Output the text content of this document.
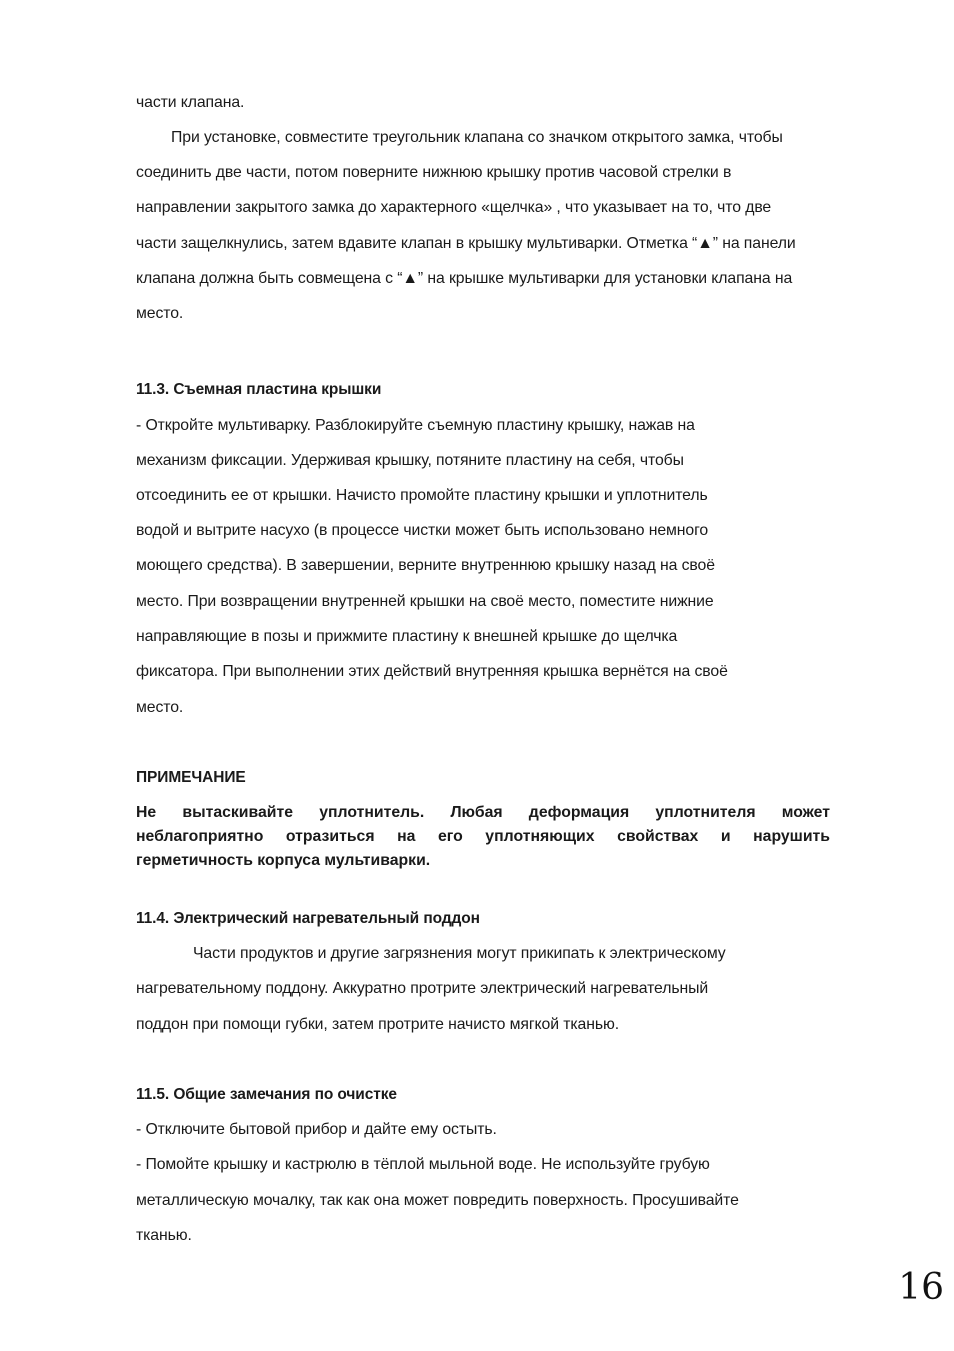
части клапана.
При установке, совместите треугольник клапана со значком открытого замка, чтобы
соединить две части, потом поверните нижнюю крышку против часовой стрелки в
направлении закрытого замка до характерного «щелчка» , что указывает на то, что две
части защелкнулись, затем вдавите клапан в крышку мультиварки. Отметка “▲” на панели
клапана должна быть совмещена с “▲” на крышке мультиварки для установки клапана на
место.
11.3. Съемная пластина крышки
- Откройте мультиварку. Разблокируйте съемную пластину крышку, нажав на
механизм фиксации. Удерживая крышку, потяните пластину на себя, чтобы
отсоединить ее от крышки. Начисто промойте пластину крышки и уплотнитель
водой и вытрите насухо (в процессе чистки может быть использовано немного
моющего средства). В завершении, верните внутреннюю крышку назад на своё
место. При возвращении внутренней крышки на своё место, поместите нижние
направляющие в позы и прижмите пластину к внешней крышке до щелчка
фиксатора. При выполнении этих действий внутренняя крышка вернётся на своё
место.
ПРИМЕЧАНИЕ
Не вытаскивайте уплотнитель. Любая деформация уплотнителя может
неблагоприятно отразиться на его уплотняющих свойствах и нарушить
герметичность корпуса мультиварки.
11.4. Электрический нагревательный поддон
Части продуктов и другие загрязнения могут прикипать к электрическому
нагревательному поддону. Аккуратно протрите электрический нагревательный
поддон при помощи губки, затем протрите начисто мягкой тканью.
11.5. Общие замечания по очистке
- Отключите бытовой прибор и дайте ему остыть.
- Помойте крышку и кастрюлю в тёплой мыльной воде. Не используйте грубую
металлическую мочалку, так как она может повредить поверхность. Просушивайте
тканью.
16
